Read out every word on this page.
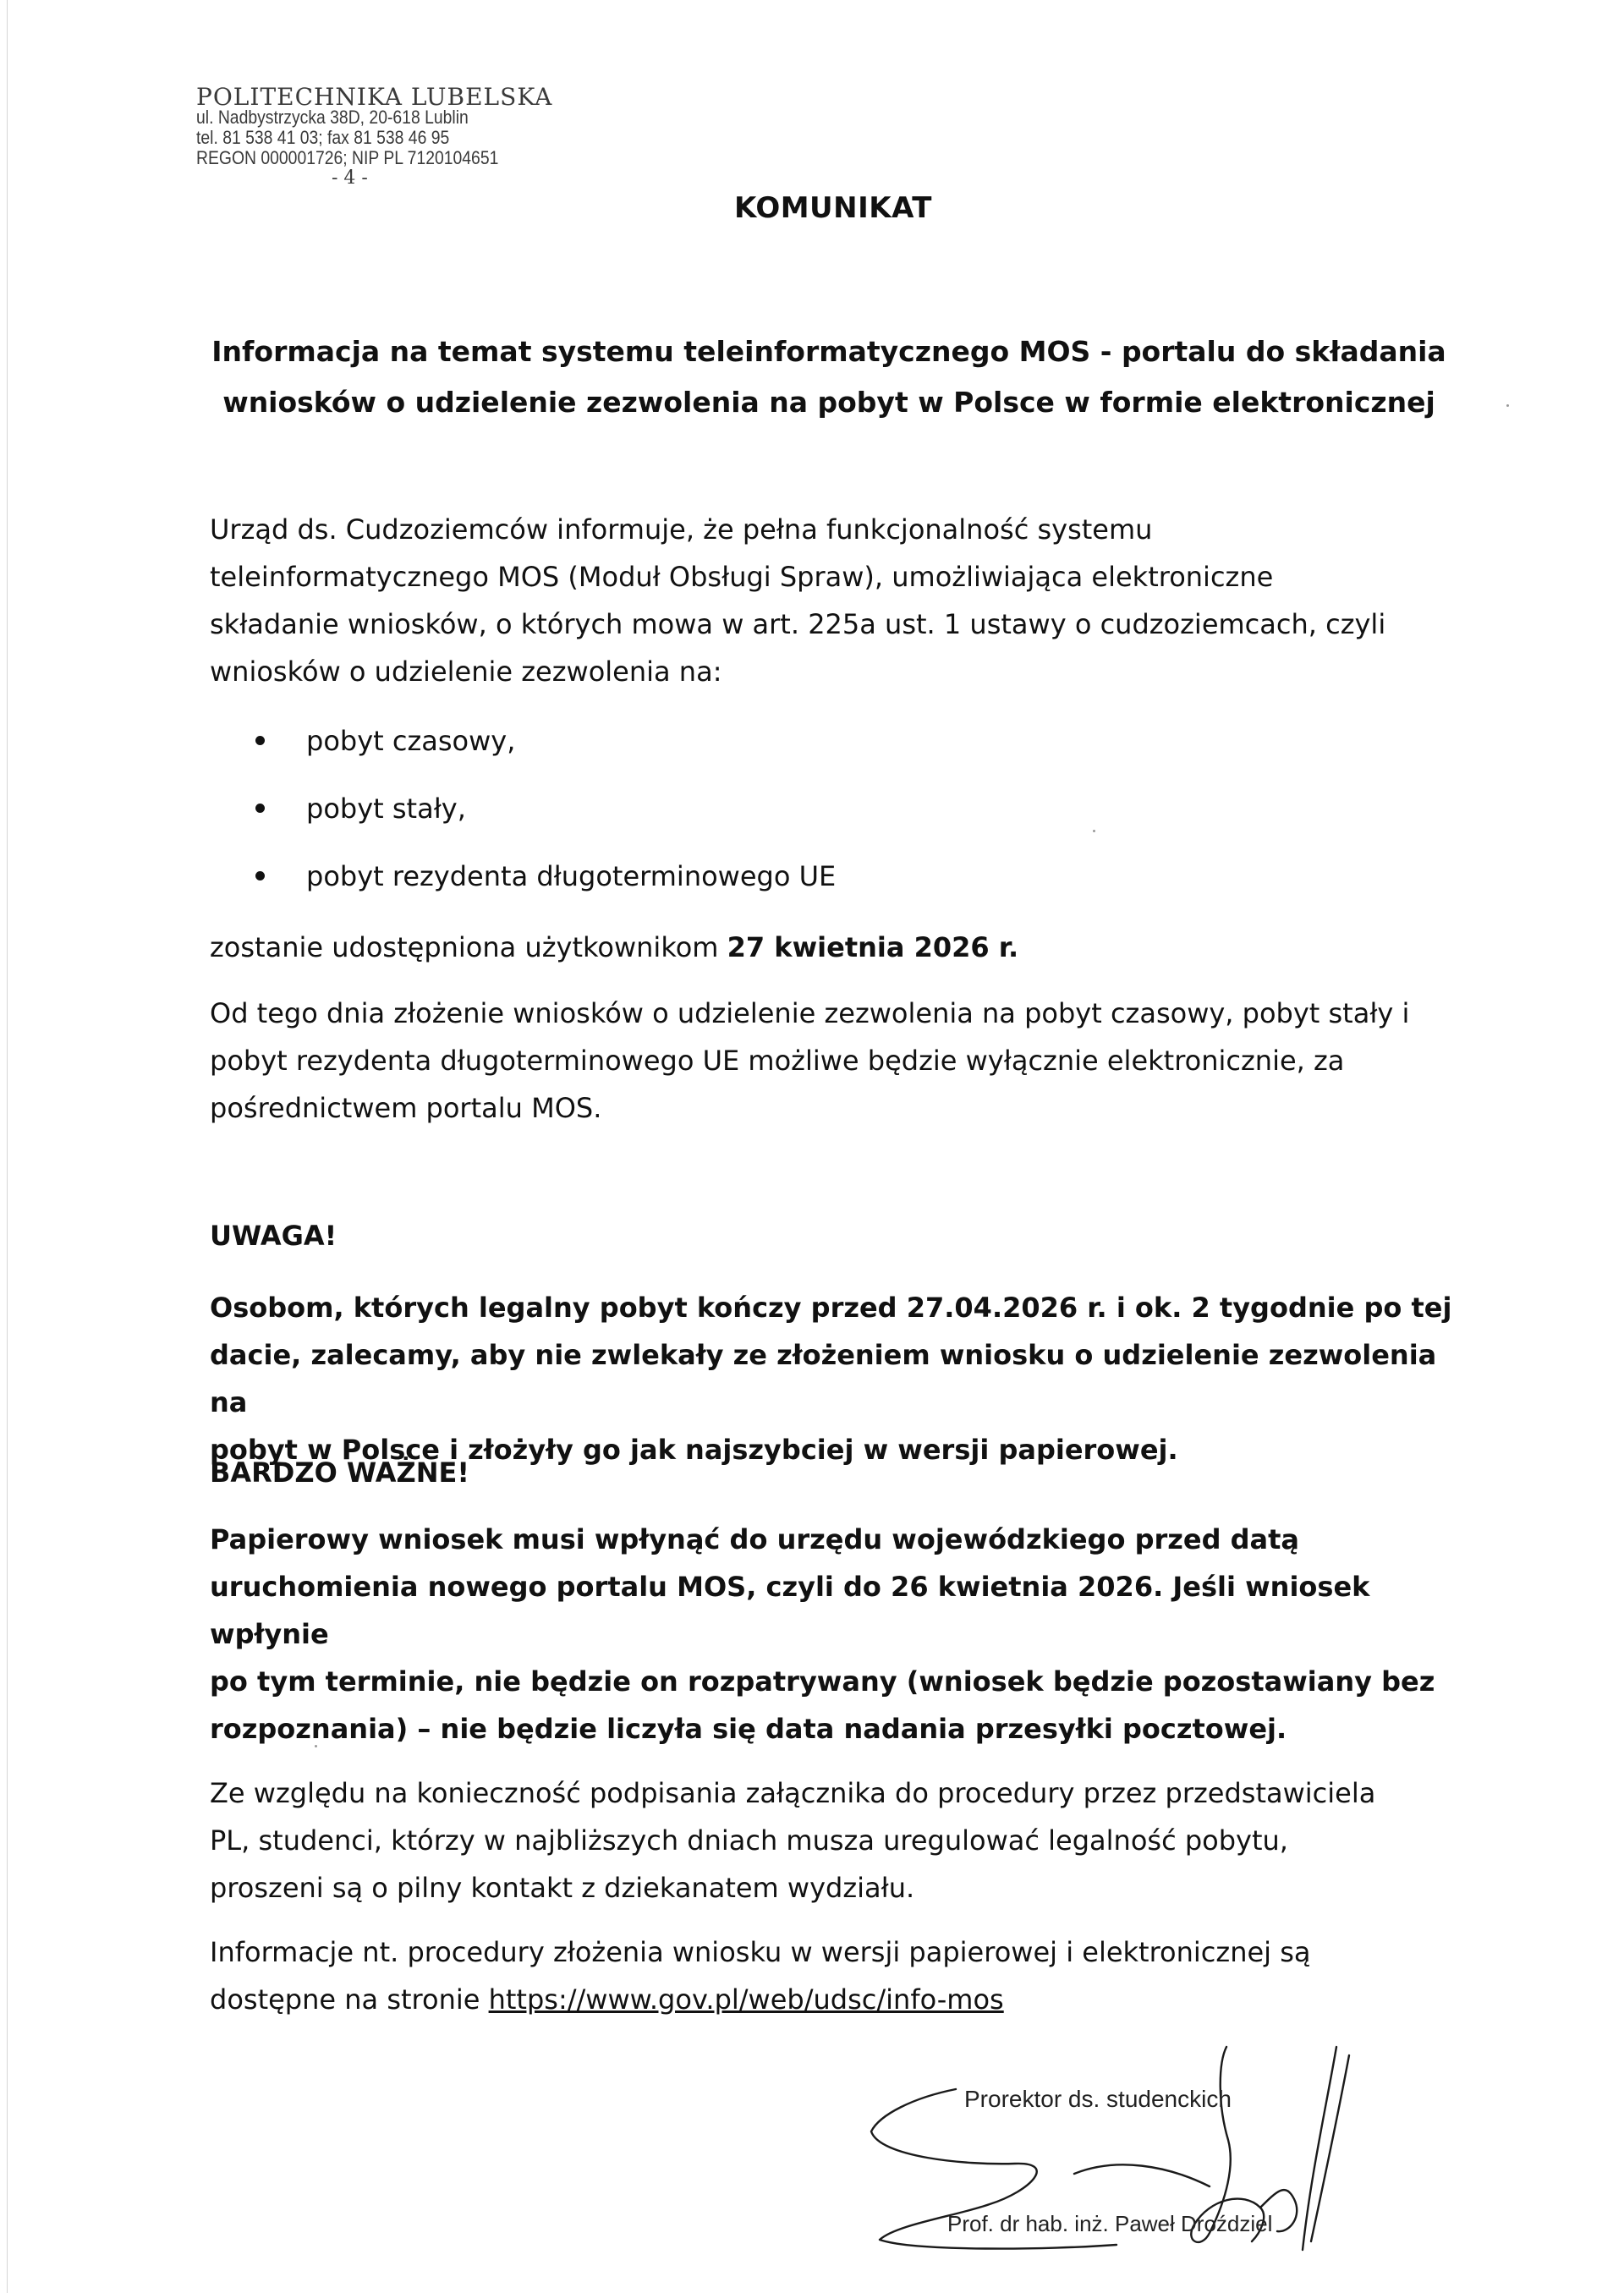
POLITECHNIKA LUBELSKA
ul. Nadbystrzycka 38D, 20-618 Lublin
tel. 81 538 41 03; fax 81 538 46 95
REGON 000001726; NIP PL 7120104651
- 4 -
KOMUNIKAT
Informacja na temat systemu teleinformatycznego MOS - portalu do składania
wniosków o udzielenie zezwolenia na pobyt w Polsce w formie elektronicznej
Urząd ds. Cudzoziemców informuje, że pełna funkcjonalność systemu
teleinformatycznego MOS (Moduł Obsługi Spraw), umożliwiająca elektroniczne
składanie wniosków, o których mowa w art. 225a ust. 1 ustawy o cudzoziemcach, czyli
wniosków o udzielenie zezwolenia na:
pobyt czasowy,
pobyt stały,
pobyt rezydenta długoterminowego UE
zostanie udostępniona użytkownikom 27 kwietnia 2026 r.
Od tego dnia złożenie wniosków o udzielenie zezwolenia na pobyt czasowy, pobyt stały i
pobyt rezydenta długoterminowego UE możliwe będzie wyłącznie elektronicznie, za
pośrednictwem portalu MOS.
UWAGA!
Osobom, których legalny pobyt kończy przed 27.04.2026 r. i ok. 2 tygodnie po tej
dacie, zalecamy, aby nie zwlekały ze złożeniem wniosku o udzielenie zezwolenia na
pobyt w Polsce i złożyły go jak najszybciej w wersji papierowej.
BARDZO WAŻNE!
Papierowy wniosek musi wpłynąć do urzędu wojewódzkiego przed datą
uruchomienia nowego portalu MOS, czyli do 26 kwietnia 2026. Jeśli wniosek wpłynie
po tym terminie, nie będzie on rozpatrywany (wniosek będzie pozostawiany bez
rozpoznania) – nie będzie liczyła się data nadania przesyłki pocztowej.
Ze względu na konieczność podpisania załącznika do procedury przez przedstawiciela
PL, studenci, którzy w najbliższych dniach musza uregulować legalność pobytu,
proszeni są o pilny kontakt z dziekanatem wydziału.
Informacje nt. procedury złożenia wniosku w wersji papierowej i elektronicznej są
dostępne na stronie https://www.gov.pl/web/udsc/info-mos
Prorektor ds. studenckich
Prof. dr hab. inż. Paweł Droździel
